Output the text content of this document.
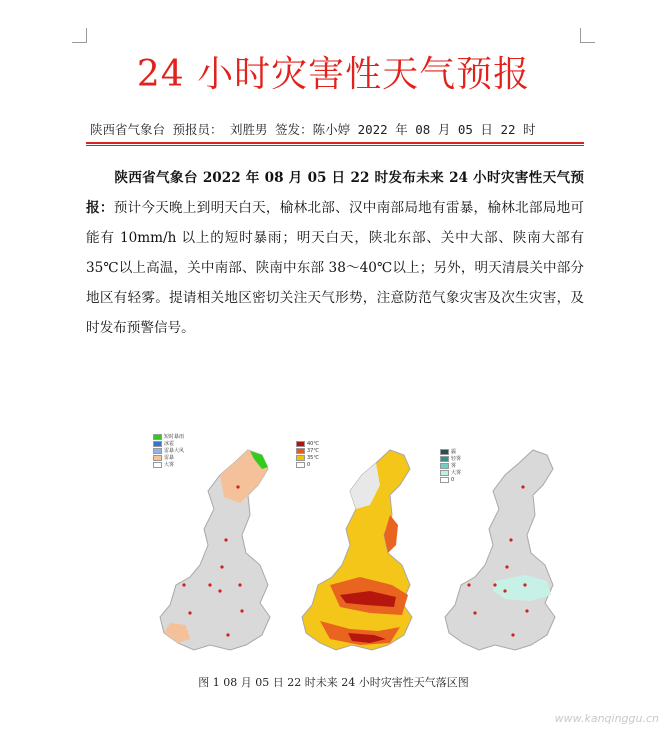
24 小时灾害性天气预报
陕西省气象台 预报员： 刘胜男 签发：陈小婷 2022 年 08 月 05 日 22 时
陕西省气象台 2022 年 08 月 05 日 22 时发布未来 24 小时灾害性天气预报：预计今天晚上到明天白天，榆林北部、汉中南部局地有雷暴，榆林北部局地可能有 10mm/h 以上的短时暴雨；明天白天，陕北东部、关中大部、陕南大部有 35℃以上高温，关中南部、陕南中东部 38～40℃以上；另外，明天清晨关中部分地区有轻雾。提请相关地区密切关注天气形势，注意防范气象灾害及次生灾害，及时发布预警信号。
短时暴雨
冰雹
雷暴大风
雷暴
大雾
40℃
37℃
35℃
0
霾
轻雾
雾
大雾
0
图 1 08 月 05 日 22 时未来 24 小时灾害性天气落区图
www.kanqinggu.cn
